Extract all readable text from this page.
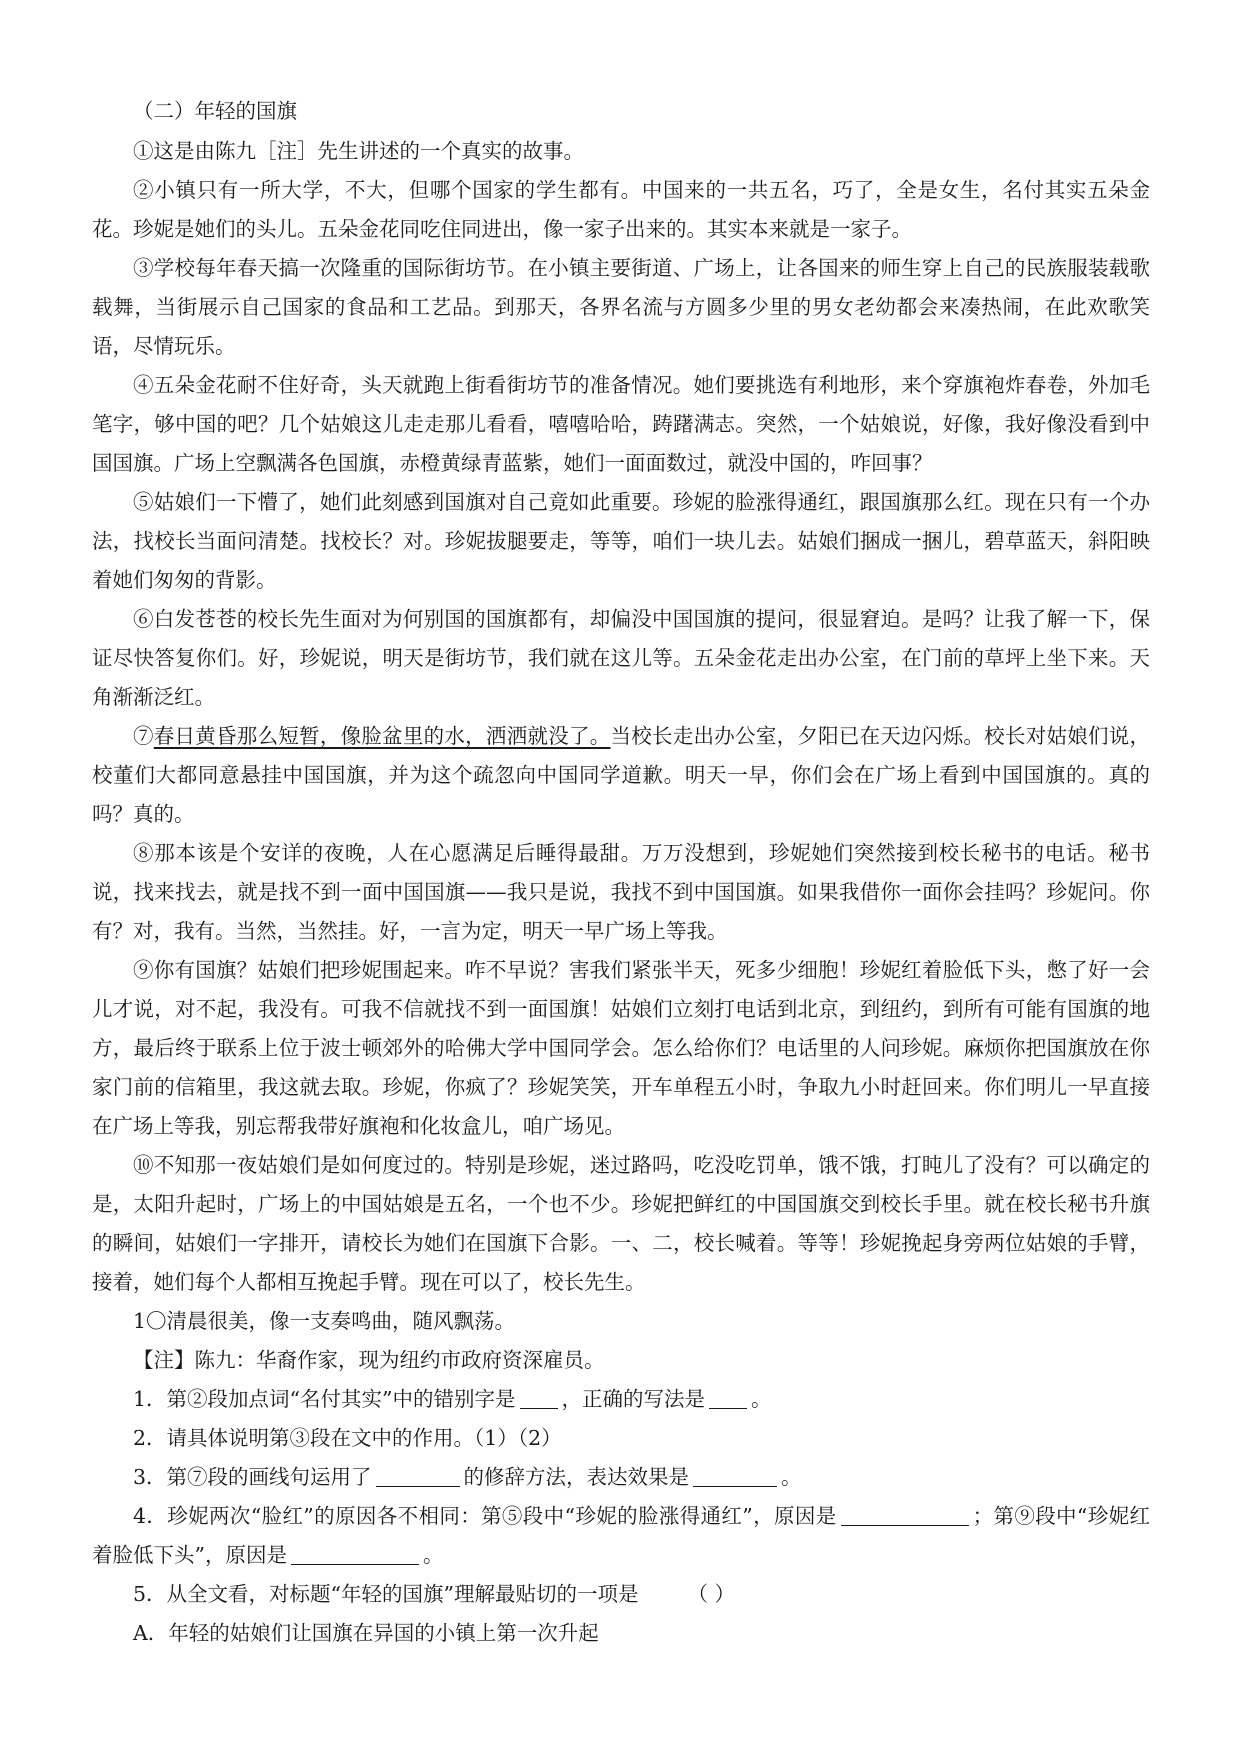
（二）年轻的国旗

①这是由陈九［注］先生讲述的一个真实的故事。

②小镇只有一所大学，不大，但哪个国家的学生都有。中国来的一共五名，巧了，全是女生，名付其实五朵金花。珍妮是她们的头儿。五朵金花同吃住同进出，像一家子出来的。其实本来就是一家子。

③学校每年春天搞一次隆重的国际街坊节。在小镇主要街道、广场上，让各国来的师生穿上自己的民族服装载歌载舞，当街展示自己国家的食品和工艺品。到那天，各界名流与方圆多少里的男女老幼都会来凑热闹，在此欢歌笑语，尽情玩乐。

④五朵金花耐不住好奇，头天就跑上街看街坊节的准备情况。她们要挑选有利地形，来个穿旗袍炸春卷，外加毛笔字，够中国的吧？几个姑娘这儿走走那儿看看，嘻嘻哈哈，踌躇满志。突然，一个姑娘说，好像，我好像没看到中国国旗。广场上空飘满各色国旗，赤橙黄绿青蓝紫，她们一面面数过，就没中国的，咋回事？

⑤姑娘们一下懵了，她们此刻感到国旗对自己竟如此重要。珍妮的脸涨得通红，跟国旗那么红。现在只有一个办法，找校长当面问清楚。找校长？对。珍妮拔腿要走，等等，咱们一块儿去。姑娘们捆成一捆儿，碧草蓝天，斜阳映着她们匆匆的背影。

⑥白发苍苍的校长先生面对为何别国的国旗都有，却偏没中国国旗的提问，很显窘迫。是吗？让我了解一下，保证尽快答复你们。好，珍妮说，明天是街坊节，我们就在这儿等。五朵金花走出办公室，在门前的草坪上坐下来。天角渐渐泛红。

⑦春日黄昏那么短暂，像脸盆里的水，洒洒就没了。当校长走出办公室，夕阳已在天边闪烁。校长对姑娘们说，校董们大都同意悬挂中国国旗，并为这个疏忽向中国同学道歉。明天一早，你们会在广场上看到中国国旗的。真的吗？真的。

⑧那本该是个安详的夜晚，人在心愿满足后睡得最甜。万万没想到，珍妮她们突然接到校长秘书的电话。秘书说，找来找去，就是找不到一面中国国旗——我只是说，我找不到中国国旗。如果我借你一面你会挂吗？珍妮问。你有？对，我有。当然，当然挂。好，一言为定，明天一早广场上等我。

⑨你有国旗？姑娘们把珍妮围起来。咋不早说？害我们紧张半天，死多少细胞！珍妮红着脸低下头，憋了好一会儿才说，对不起，我没有。可我不信就找不到一面国旗！姑娘们立刻打电话到北京，到纽约，到所有可能有国旗的地方，最后终于联系上位于波士顿郊外的哈佛大学中国同学会。怎么给你们？电话里的人问珍妮。麻烦你把国旗放在你家门前的信箱里，我这就去取。珍妮，你疯了？珍妮笑笑，开车单程五小时，争取九小时赶回来。你们明儿一早直接在广场上等我，别忘帮我带好旗袍和化妆盒儿，咱广场见。

⑩不知那一夜姑娘们是如何度过的。特别是珍妮，迷过路吗，吃没吃罚单，饿不饿，打盹儿了没有？可以确定的是，太阳升起时，广场上的中国姑娘是五名，一个也不少。珍妮把鲜红的中国国旗交到校长手里。就在校长秘书升旗的瞬间，姑娘们一字排开，请校长为她们在国旗下合影。一、二，校长喊着。等等！珍妮挽起身旁两位姑娘的手臂，接着，她们每个人都相互挽起手臂。现在可以了，校长先生。

1〇清晨很美，像一支奏鸣曲，随风飘荡。

【注】陈九：华裔作家，现为纽约市政府资深雇员。

1．第②段加点词“名付其实”中的错别字是 ，正确的写法是 。

2．请具体说明第③段在文中的作用。（1）（2）

3．第⑦段的画线句运用了	的修辞方法，表达效果是	。

4．珍妮两次“脸红”的原因各不相同：第⑤段中“珍妮的脸涨得通红”，原因是	；第⑨段中“珍妮红着脸低下头”，原因是	。

5．从全文看，对标题“年轻的国旗”理解最贴切的一项是 （ ）

A．年轻的姑娘们让国旗在异国的小镇上第一次升起
